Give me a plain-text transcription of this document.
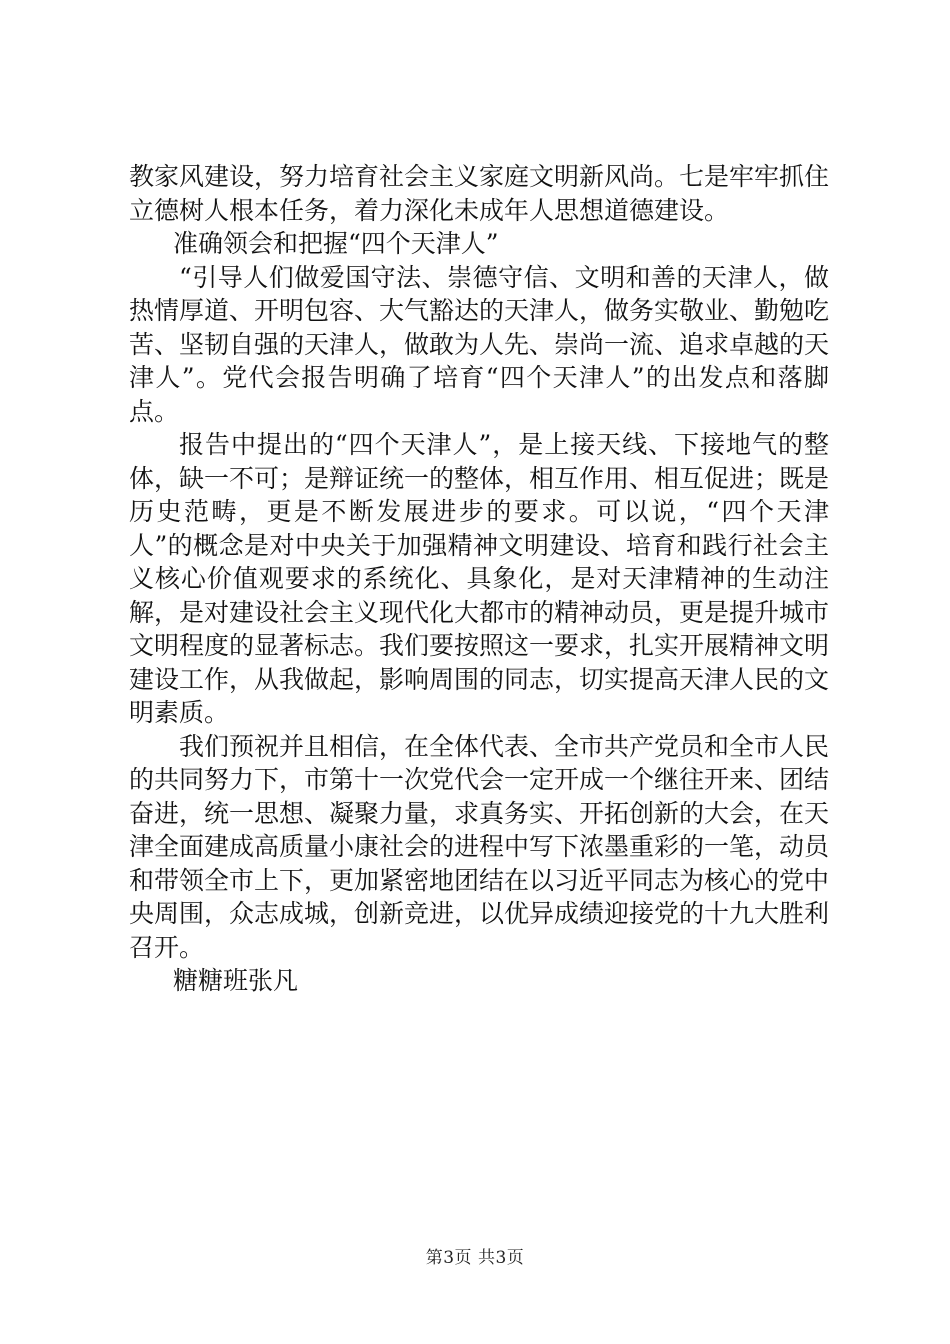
教家风建设，努力培育社会主义家庭文明新风尚。七是牢牢抓住立德树人根本任务，着力深化未成年人思想道德建设。

准确领会和把握“四个天津人”

“引导人们做爱国守法、崇德守信、文明和善的天津人，做热情厚道、开明包容、大气豁达的天津人，做务实敬业、勤勉吃苦、坚韧自强的天津人，做敢为人先、崇尚一流、追求卓越的天津人”。党代会报告明确了培育“四个天津人”的出发点和落脚点。

报告中提出的“四个天津人”，是上接天线、下接地气的整体，缺一不可；是辩证统一的整体，相互作用、相互促进；既是历史范畴，更是不断发展进步的要求。可以说，“四个天津人”的概念是对中央关于加强精神文明建设、培育和践行社会主义核心价值观要求的系统化、具象化，是对天津精神的生动注解，是对建设社会主义现代化大都市的精神动员，更是提升城市文明程度的显著标志。我们要按照这一要求，扎实开展精神文明建设工作，从我做起，影响周围的同志，切实提高天津人民的文明素质。

我们预祝并且相信，在全体代表、全市共产党员和全市人民的共同努力下，市第十一次党代会一定开成一个继往开来、团结奋进，统一思想、凝聚力量，求真务实、开拓创新的大会，在天津全面建成高质量小康社会的进程中写下浓墨重彩的一笔，动员和带领全市上下，更加紧密地团结在以习近平同志为核心的党中央周围，众志成城，创新竞进，以优异成绩迎接党的十九大胜利召开。

糖糖班张凡

第3页 共3页
